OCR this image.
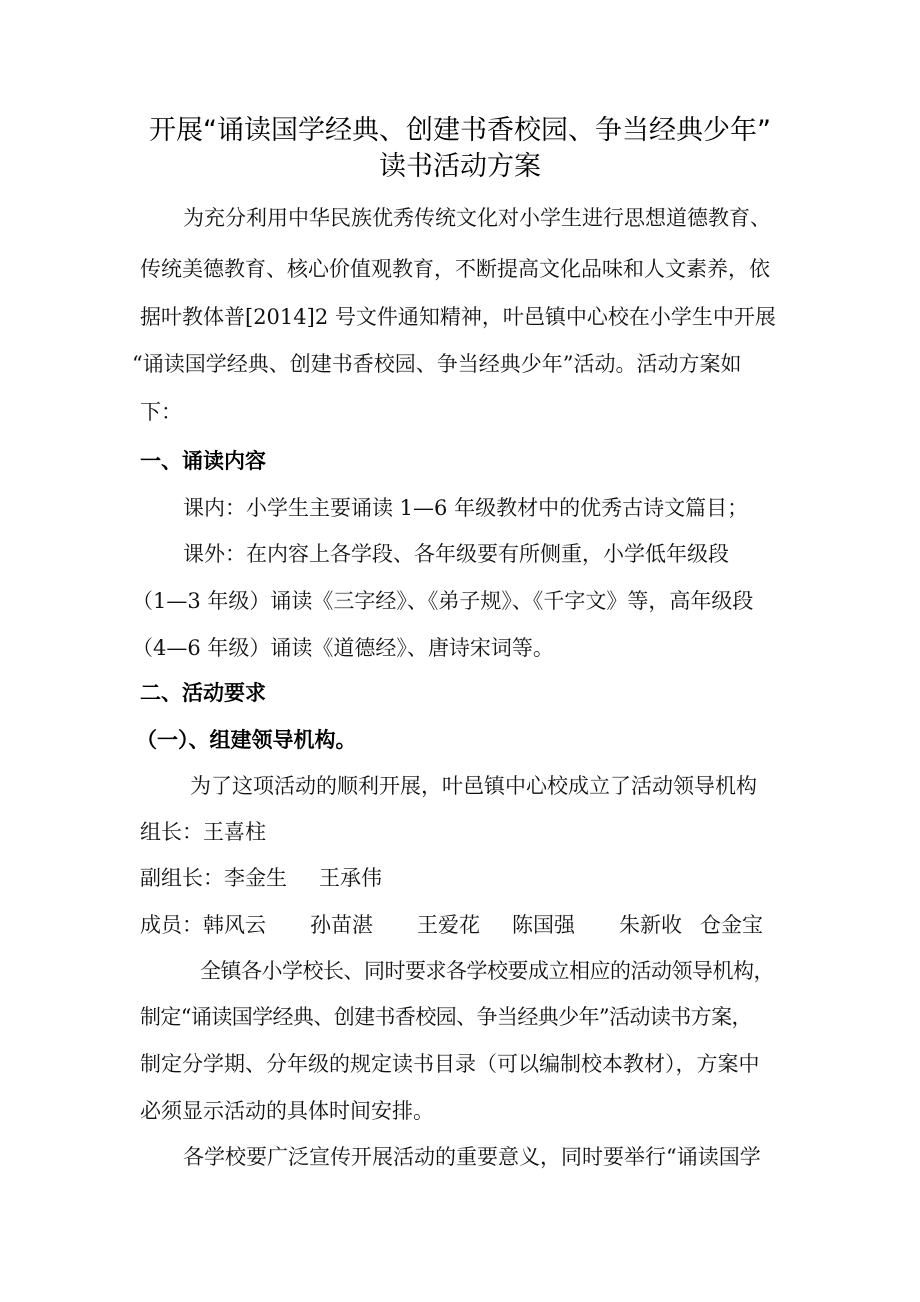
开展“诵读国学经典、创建书香校园、争当经典少年”
读书活动方案
为充分利用中华民族优秀传统文化对小学生进行思想道德教育、
传统美德教育、核心价值观教育，不断提高文化品味和人文素养，依
据叶教体普[2014]2 号文件通知精神，叶邑镇中心校在小学生中开展
“诵读国学经典、创建书香校园、争当经典少年”活动。活动方案如
下：
一、诵读内容
课内：小学生主要诵读 1—6 年级教材中的优秀古诗文篇目；
课外：在内容上各学段、各年级要有所侧重，小学低年级段
（1—3 年级）诵读《三字经》、《弟子规》、《千字文》等，高年级段
（4—6 年级）诵读《道德经》、唐诗宋词等。
二、活动要求
（一）、组建领导机构。
为了这项活动的顺利开展，叶邑镇中心校成立了活动领导机构
组长：王喜柱
副组长：李金生 王承伟
成员：韩风云 孙苗湛 王爱花 陈国强 朱新收 仓金宝
全镇各小学校长、同时要求各学校要成立相应的活动领导机构，
制定“诵读国学经典、创建书香校园、争当经典少年”活动读书方案，
制定分学期、分年级的规定读书目录（可以编制校本教材），方案中
必须显示活动的具体时间安排。
各学校要广泛宣传开展活动的重要意义，同时要举行“诵读国学
